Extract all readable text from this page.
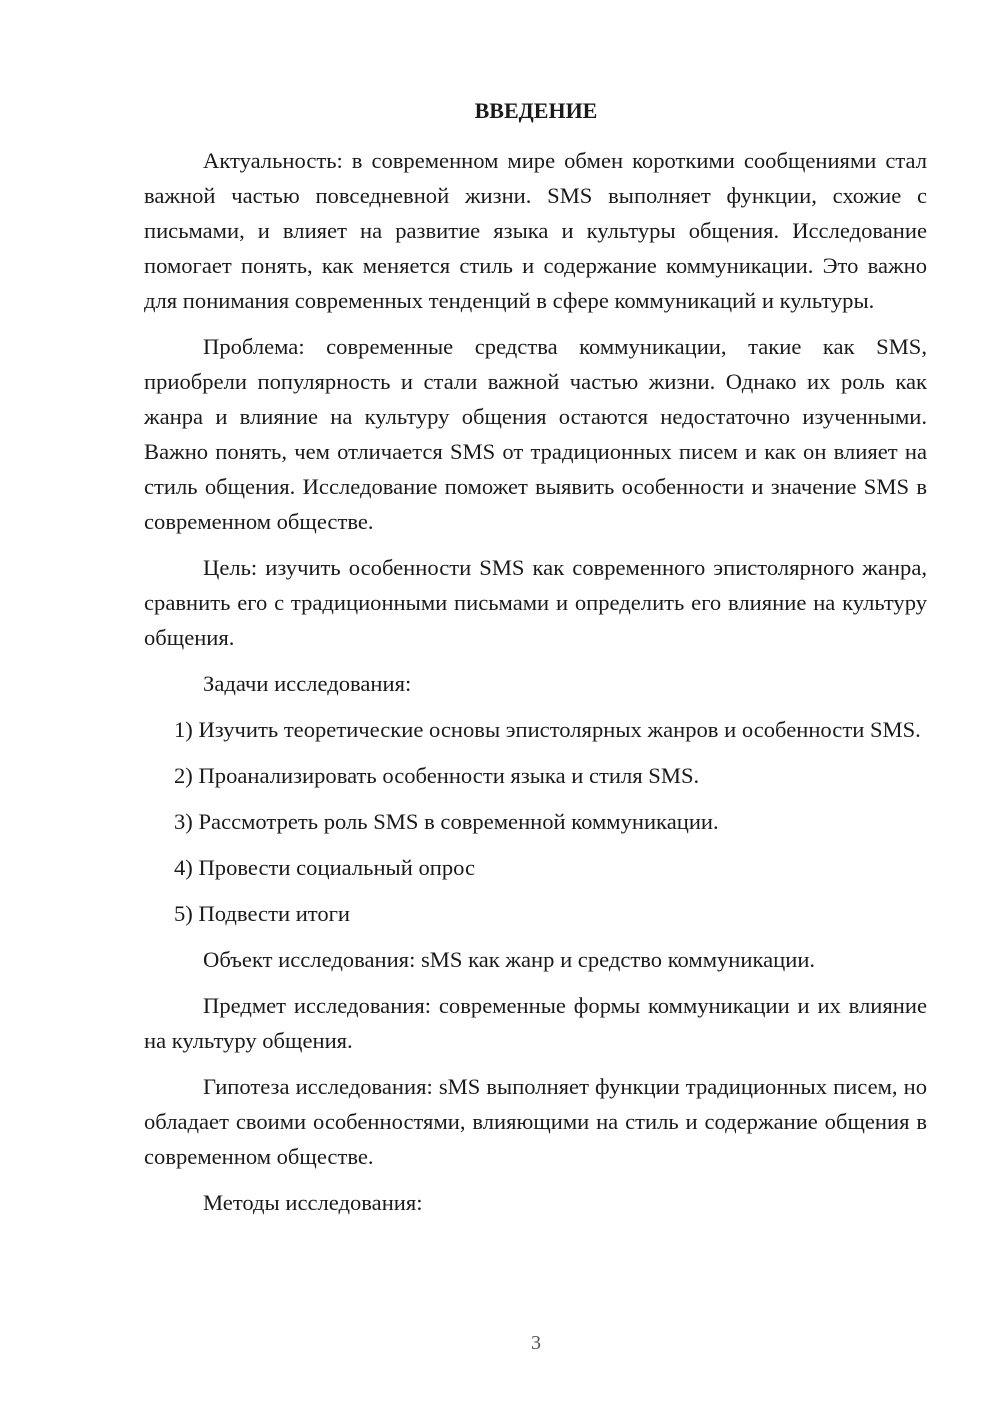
ВВЕДЕНИЕ

Актуальность: в современном мире обмен короткими сообщениями стал важной частью повседневной жизни. SMS выполняет функции, схожие с письмами, и влияет на развитие языка и культуры общения. Исследование помогает понять, как меняется стиль и содержание коммуникации. Это важно для понимания современных тенденций в сфере коммуникаций и культуры.

Проблема: современные средства коммуникации, такие как SMS, приобрели популярность и стали важной частью жизни. Однако их роль как жанра и влияние на культуру общения остаются недостаточно изученными. Важно понять, чем отличается SMS от традиционных писем и как он влияет на стиль общения. Исследование поможет выявить особенности и значение SMS в современном обществе.

Цель: изучить особенности SMS как современного эпистолярного жанра, сравнить его с традиционными письмами и определить его влияние на культуру общения.

Задачи исследования:

1) Изучить теоретические основы эпистолярных жанров и особенности SMS.

2) Проанализировать особенности языка и стиля SMS.

3) Рассмотреть роль SMS в современной коммуникации.

4) Провести социальный опрос

5) Подвести итоги

Объект исследования: sMS как жанр и средство коммуникации.

Предмет исследования: современные формы коммуникации и их влияние на культуру общения.

Гипотеза исследования: sMS выполняет функции традиционных писем, но обладает своими особенностями, влияющими на стиль и содержание общения в современном обществе.

Методы исследования:

3
